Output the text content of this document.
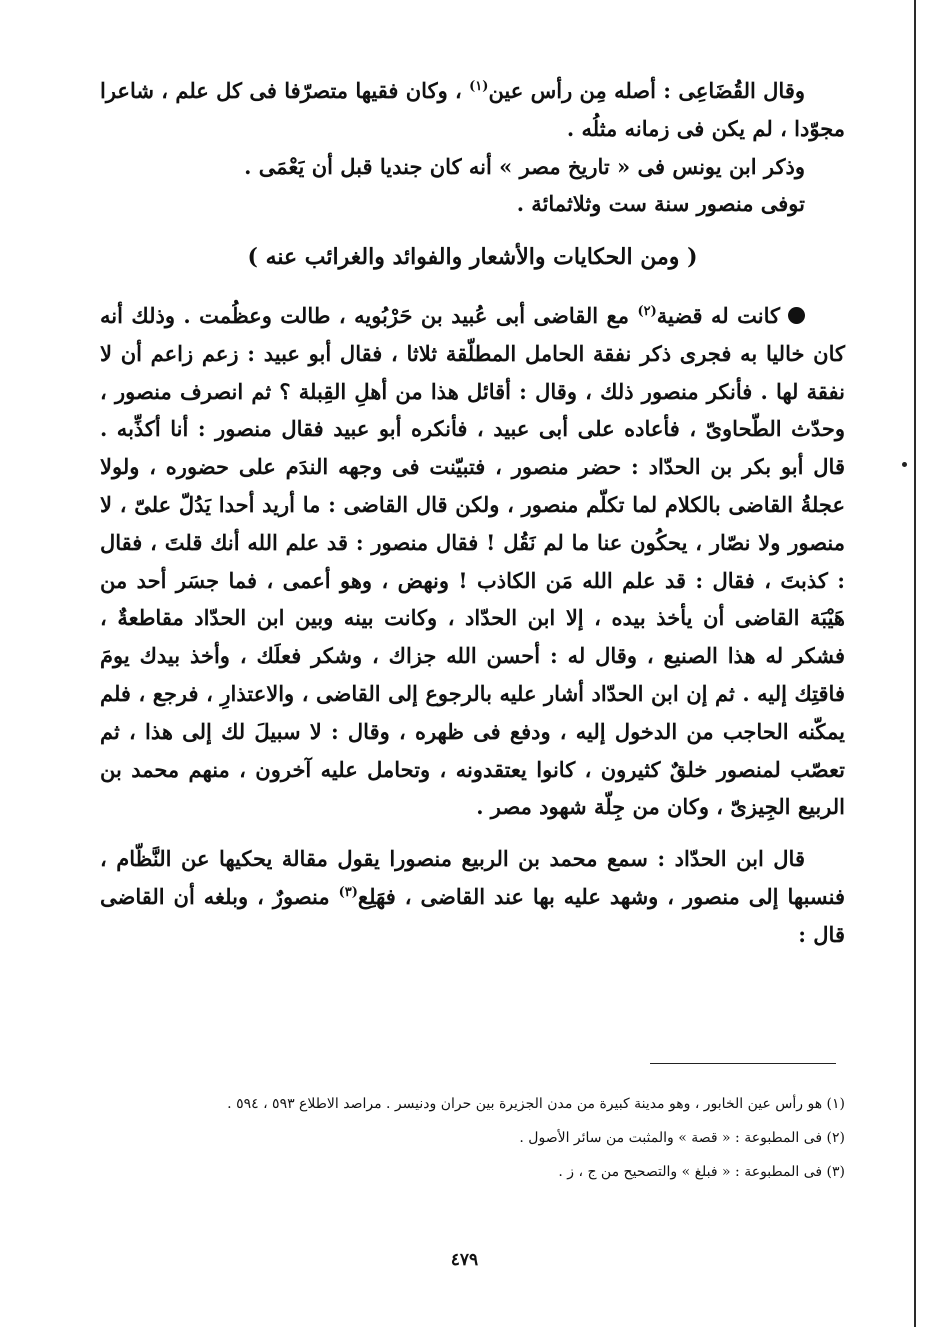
وقال القُضَاعِى : أصله مِن رأس عين$^{(١)}$ ، وكان فقيها متصرّفا فى كل علم ، شاعرا مجوّدا ، لم يكن فى زمانه مثلُه .

وذكر ابن يونس فى « تاريخ مصر » أنه كان جنديا قبل أن يَعْمَى .

توفى منصور سنة ست وثلاثمائة .

( ومن الحكايات والأشعار والفوائد والغرائب عنه )

كانت له قضية$^{(٢)}$ مع القاضى أبى عُبيد بن حَرْبُويه ، طالت وعظُمت . وذلك أنه كان خاليا به فجرى ذكر نفقة الحامل المطلّقة ثلاثا ، فقال أبو عبيد : زعم زاعم أن لا نفقة لها . فأنكر منصور ذلك ، وقال : أقائل هذا من أهلِ القِبلة ؟ ثم انصرف منصور ، وحدّث الطّحاوىّ ، فأعاده على أبى عبيد ، فأنكره أبو عبيد فقال منصور : أنا أكذِّبه . قال أبو بكر بن الحدّاد : حضر منصور ، فتبيّنت فى وجهه الندَم على حضوره ، ولولا عجلةُ القاضى بالكلام لما تكلّم منصور ، ولكن قال القاضى : ما أريد أحدا يَدُلّ علىّ ، لا منصور ولا نصّار ، يحكُون عنا ما لم نَقُل ! فقال منصور : قد علم الله أنك قلتَ ، فقال : كذبتَ ، فقال : قد علم الله مَن الكاذب ! ونهض ، وهو أعمى ، فما جسَر أحد من هَيْبَة القاضى أن يأخذ بيده ، إلا ابن الحدّاد ، وكانت بينه وبين ابن الحدّاد مقاطعةٌ ، فشكر له هذا الصنيع ، وقال له : أحسن الله جزاك ، وشكر فعلَك ، وأخذ بيدك يومَ فاقتِك إليه . ثم إن ابن الحدّاد أشار عليه بالرجوع إلى القاضى ، والاعتذارِ ، فرجع ، فلم يمكّنه الحاجب من الدخول إليه ، ودفع فى ظهره ، وقال : لا سبيلَ لك إلى هذا ، ثم تعصّب لمنصور خلقٌ كثيرون ، كانوا يعتقدونه ، وتحامل عليه آخرون ، منهم محمد بن الربيع الجِيزىّ ، وكان من جِلّة شهود مصر .

قال ابن الحدّاد : سمع محمد بن الربيع منصورا يقول مقالة يحكيها عن النَّظّام ، فنسبها إلى منصور ، وشهد عليه بها عند القاضى ، فهَلِع$^{(٣)}$ منصورٌ ، وبلغه أن القاضى قال :

(١) هو رأس عين الخابور ، وهو مدينة كبيرة من مدن الجزيرة بين حران ودنيسر . مراصد الاطلاع ٥٩٣ ، ٥٩٤ .

(٢) فى المطبوعة : « قصة » والمثبت من سائر الأصول .

(٣) فى المطبوعة : « فبلغ » والتصحيح من ج ، ز .

٤٧٩
